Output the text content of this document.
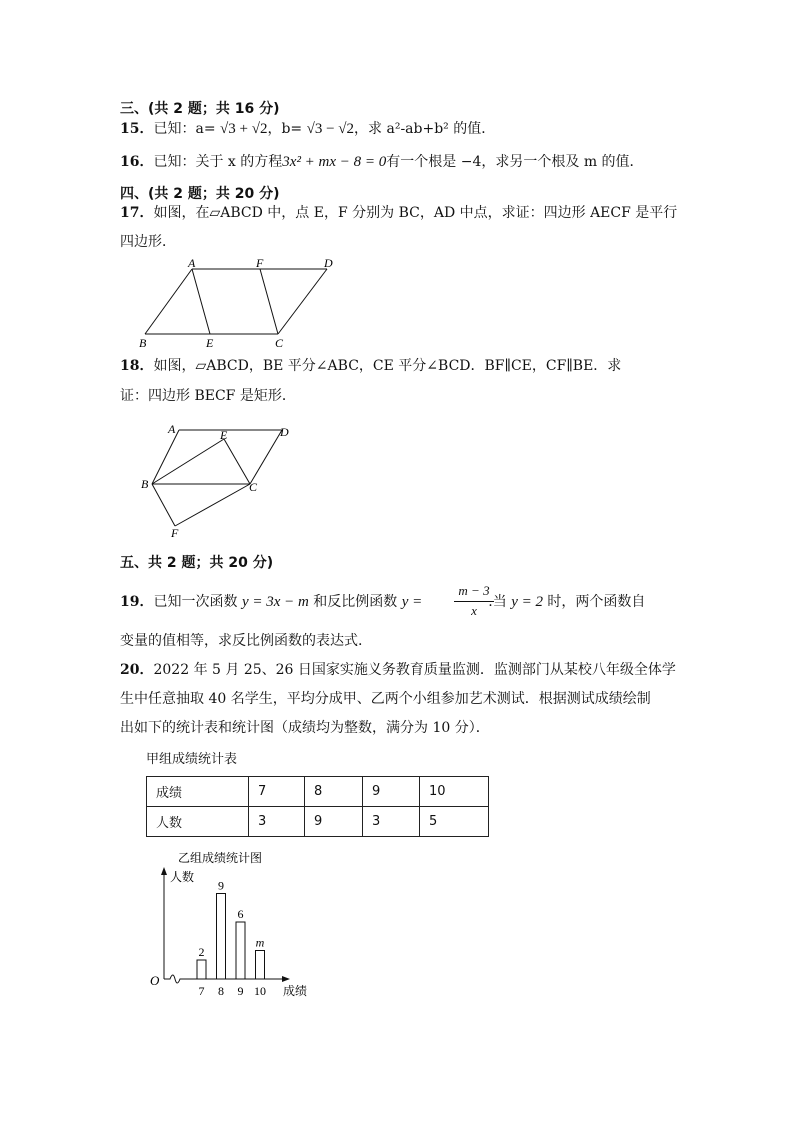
三、(共 2 题；共 16 分)
15．已知：a= √3 + √2，b= √3 − √2，求 a²-ab+b² 的值．
16．已知：关于 x 的方程3x² + mx − 8 = 0有一个根是 −4，求另一个根及 m 的值．
四、(共 2 题；共 20 分)
17．如图，在▱ABCD 中，点 E，F 分别为 BC，AD 中点，求证：四边形 AECF 是平行
四边形．
A	F	D
B	E	C
18．如图，▱ABCD，BE 平分∠ABC，CE 平分∠BCD．BF∥CE，CF∥BE．求
证：四边形 BECF 是矩形．
A	E	D
B	C
F
五、共 2 题；共 20 分)
19．已知一次函数 y = 3x − m 和反比例函数 y =	.当 y = 2 时，两个函数自
m − 3
x
变量的值相等，求反比例函数的表达式.
20．2022 年 5 月 25、26 日国家实施义务教育质量监测．监测部门从某校八年级全体学
生中任意抽取 40 名学生，平均分成甲、乙两个小组参加艺术测试．根据测试成绩绘制
出如下的统计表和统计图（成绩均为整数，满分为 10 分）．
甲组成绩统计表
成绩	7	8	9	10
人数	3	9	3	5
乙组成绩统计图
人数
成绩
O
2
7
9
8
6
9
m
10
